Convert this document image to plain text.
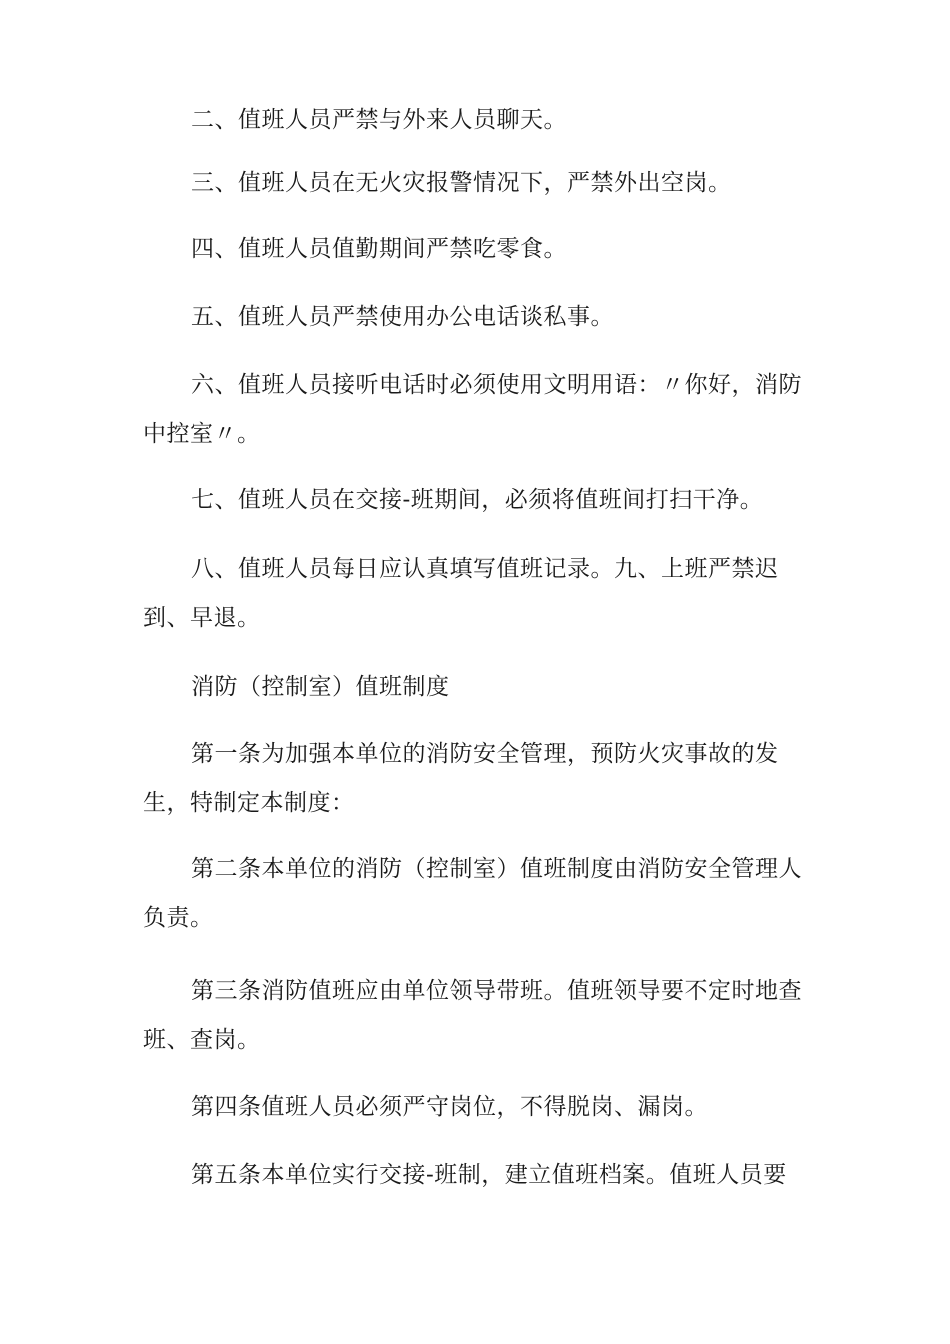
二、值班人员严禁与外来人员聊天。

三、值班人员在无火灾报警情况下，严禁外出空岗。

四、值班人员值勤期间严禁吃零食。

五、值班人员严禁使用办公电话谈私事。

六、值班人员接听电话时必须使用文明用语：〃你好，消防中控室〃。

七、值班人员在交接-班期间，必须将值班间打扫干净。

八、值班人员每日应认真填写值班记录。九、上班严禁迟到、早退。

消防（控制室）值班制度

第一条为加强本单位的消防安全管理，预防火灾事故的发生，特制定本制度：

第二条本单位的消防（控制室）值班制度由消防安全管理人负责。

第三条消防值班应由单位领导带班。值班领导要不定时地查班、查岗。

第四条值班人员必须严守岗位，不得脱岗、漏岗。

第五条本单位实行交接-班制，建立值班档案。值班人员要
